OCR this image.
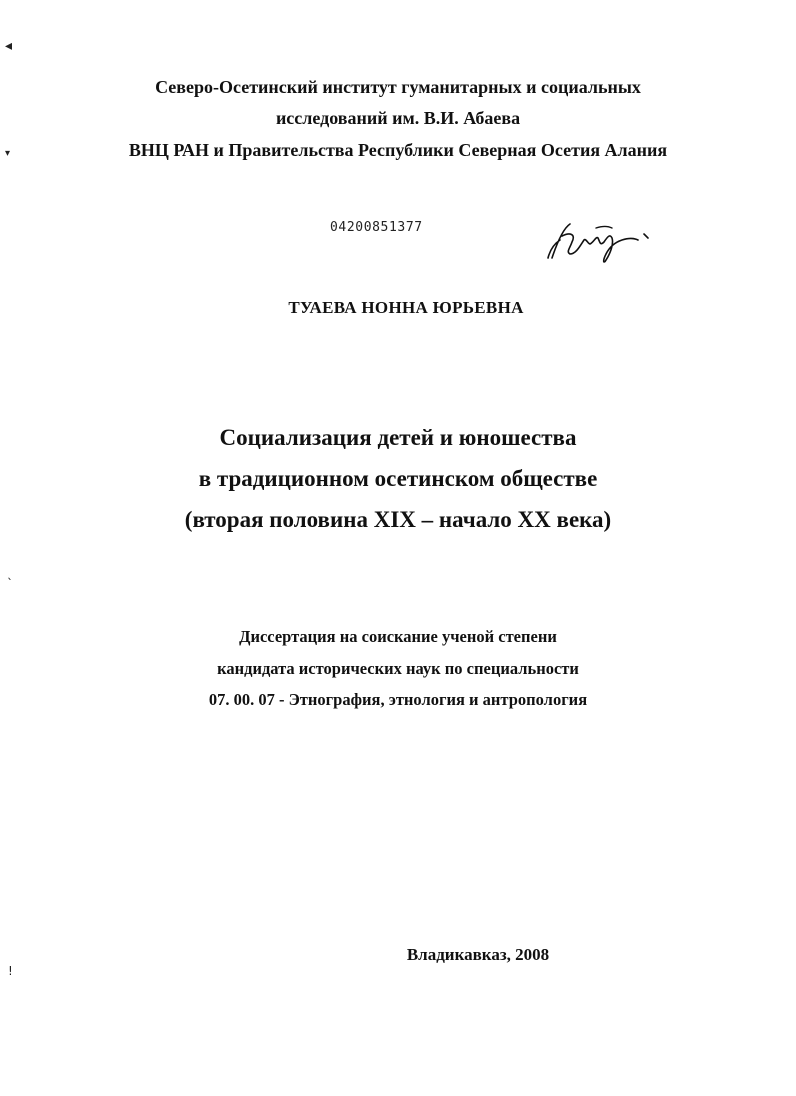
◂
▾
ˎ
!
Северо-Осетинский институт гуманитарных и социальных
исследований им. В.И. Абаева
ВНЦ РАН и Правительства Республики Северная Осетия Алания
04200851377
ТУАЕВА НОННА ЮРЬЕВНА
Социализация детей и юношества
в традиционном осетинском обществе
(вторая половина XIX – начало XX века)
Диссертация на соискание ученой степени
кандидата исторических наук по специальности
07. 00. 07 - Этнография, этнология и антропология
Владикавказ, 2008
